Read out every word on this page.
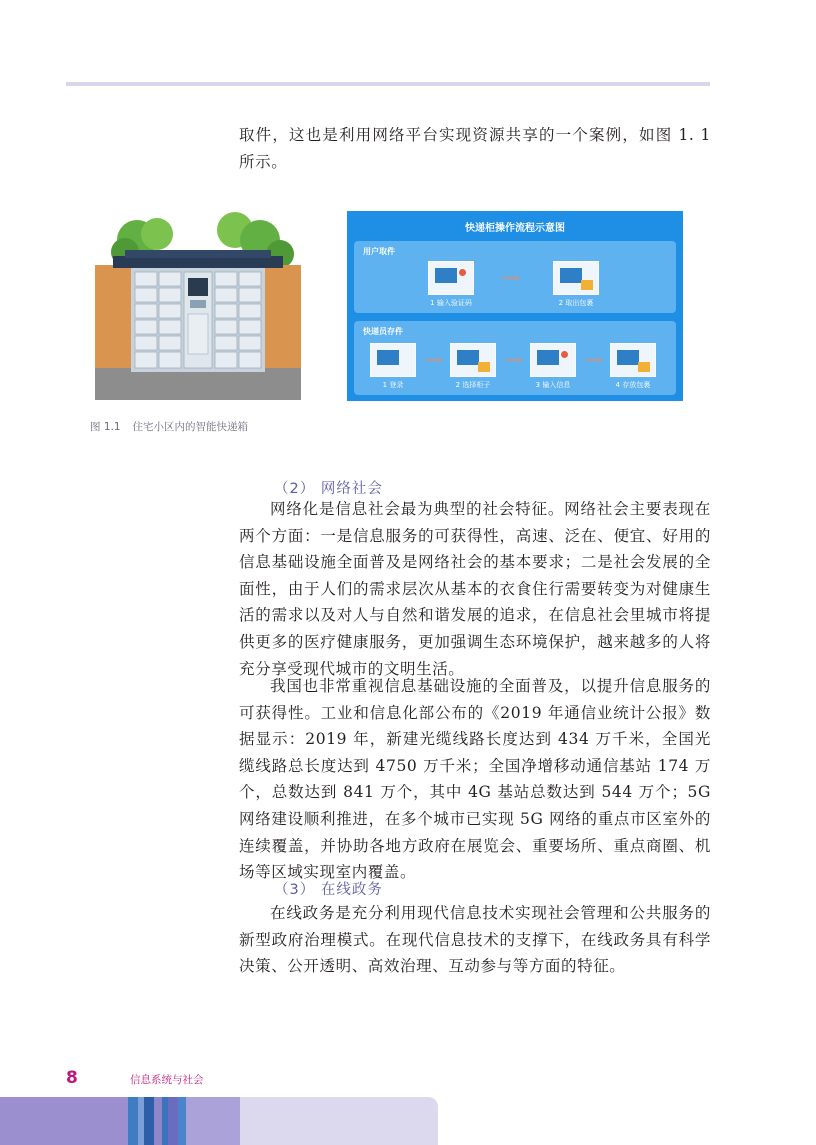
取件，这也是利用网络平台实现资源共享的一个案例，如图 1. 1 所示。

快递柜操作流程示意图
用户取件
1 输入验证码
⟹
2 取出包裹
快递员存件
1 登录
⟹
2 选择柜子
⟹
3 输入信息
⟹
4 存放包裹
图 1.1 住宅小区内的智能快递箱
（2） 网络社会

网络化是信息社会最为典型的社会特征。网络社会主要表现在两个方面：一是信息服务的可获得性，高速、泛在、便宜、好用的信息基础设施全面普及是网络社会的基本要求；二是社会发展的全面性，由于人们的需求层次从基本的衣食住行需要转变为对健康生活的需求以及对人与自然和谐发展的追求，在信息社会里城市将提供更多的医疗健康服务，更加强调生态环境保护，越来越多的人将充分享受现代城市的文明生活。

我国也非常重视信息基础设施的全面普及，以提升信息服务的可获得性。工业和信息化部公布的《2019 年通信业统计公报》数据显示：2019 年，新建光缆线路长度达到 434 万千米，全国光缆线路总长度达到 4750 万千米；全国净增移动通信基站 174 万个，总数达到 841 万个，其中 4G 基站总数达到 544 万个；5G 网络建设顺利推进，在多个城市已实现 5G 网络的重点市区室外的连续覆盖，并协助各地方政府在展览会、重要场所、重点商圈、机场等区域实现室内覆盖。

（3） 在线政务

在线政务是充分利用现代信息技术实现社会管理和公共服务的新型政府治理模式。在现代信息技术的支撑下，在线政务具有科学决策、公开透明、高效治理、互动参与等方面的特征。

8	信息系统与社会
